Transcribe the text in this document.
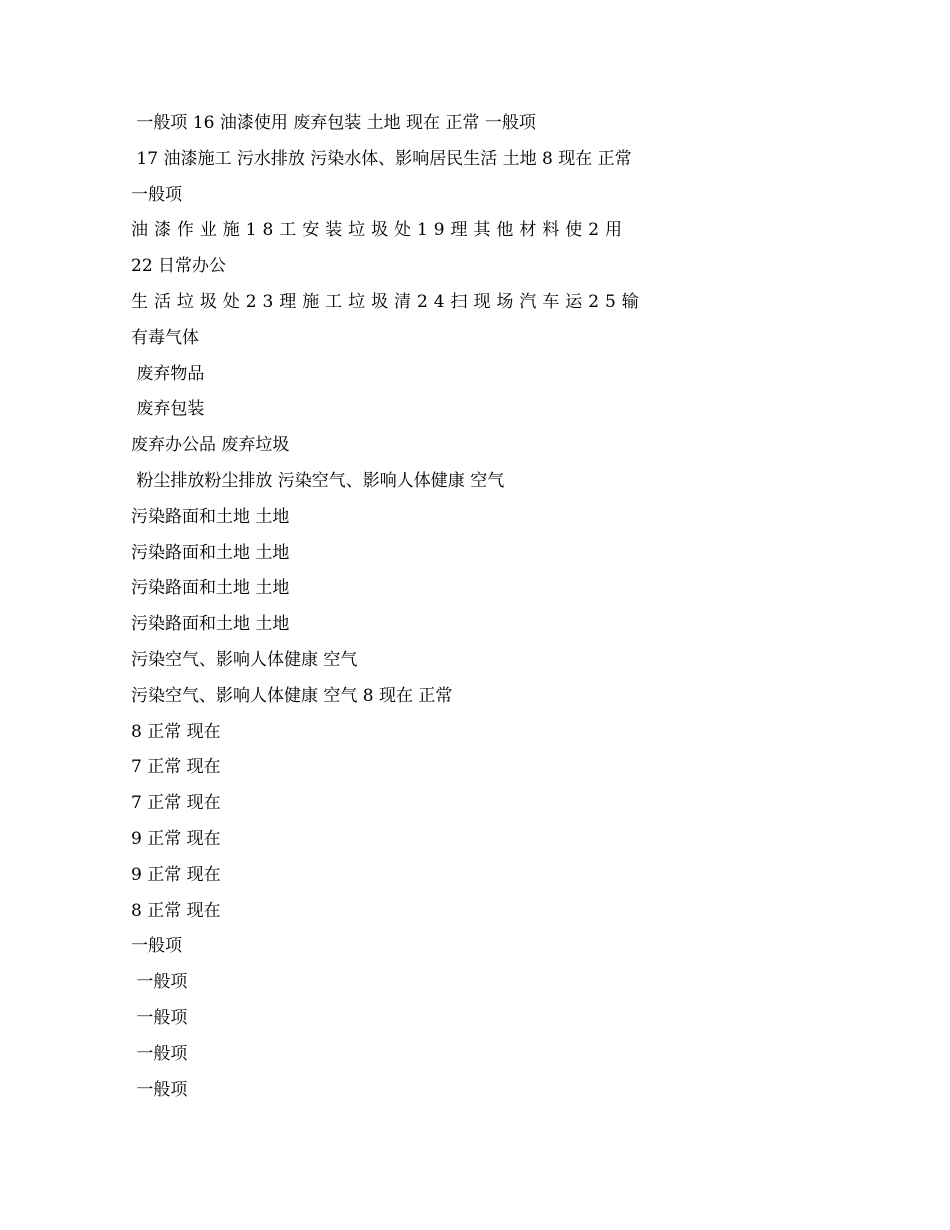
一般项 16 油漆使用 废弃包装 土地 现在 正常 一般项
17 油漆施工 污水排放 污染水体、影响居民生活 土地 8 现在 正常
一般项
油漆作业施18工安装垃圾处19理其他材料使2用
22 日常办公
生活垃圾处23理施工垃圾清24扫现场汽车运25输
有毒气体
废弃物品
废弃包装
废弃办公品 废弃垃圾
粉尘排放粉尘排放 污染空气、影响人体健康 空气
污染路面和土地 土地
污染路面和土地 土地
污染路面和土地 土地
污染路面和土地 土地
污染空气、影响人体健康 空气
污染空气、影响人体健康 空气 8 现在 正常
8 正常 现在
7 正常 现在
7 正常 现在
9 正常 现在
9 正常 现在
8 正常 现在
一般项
一般项
一般项
一般项
一般项
